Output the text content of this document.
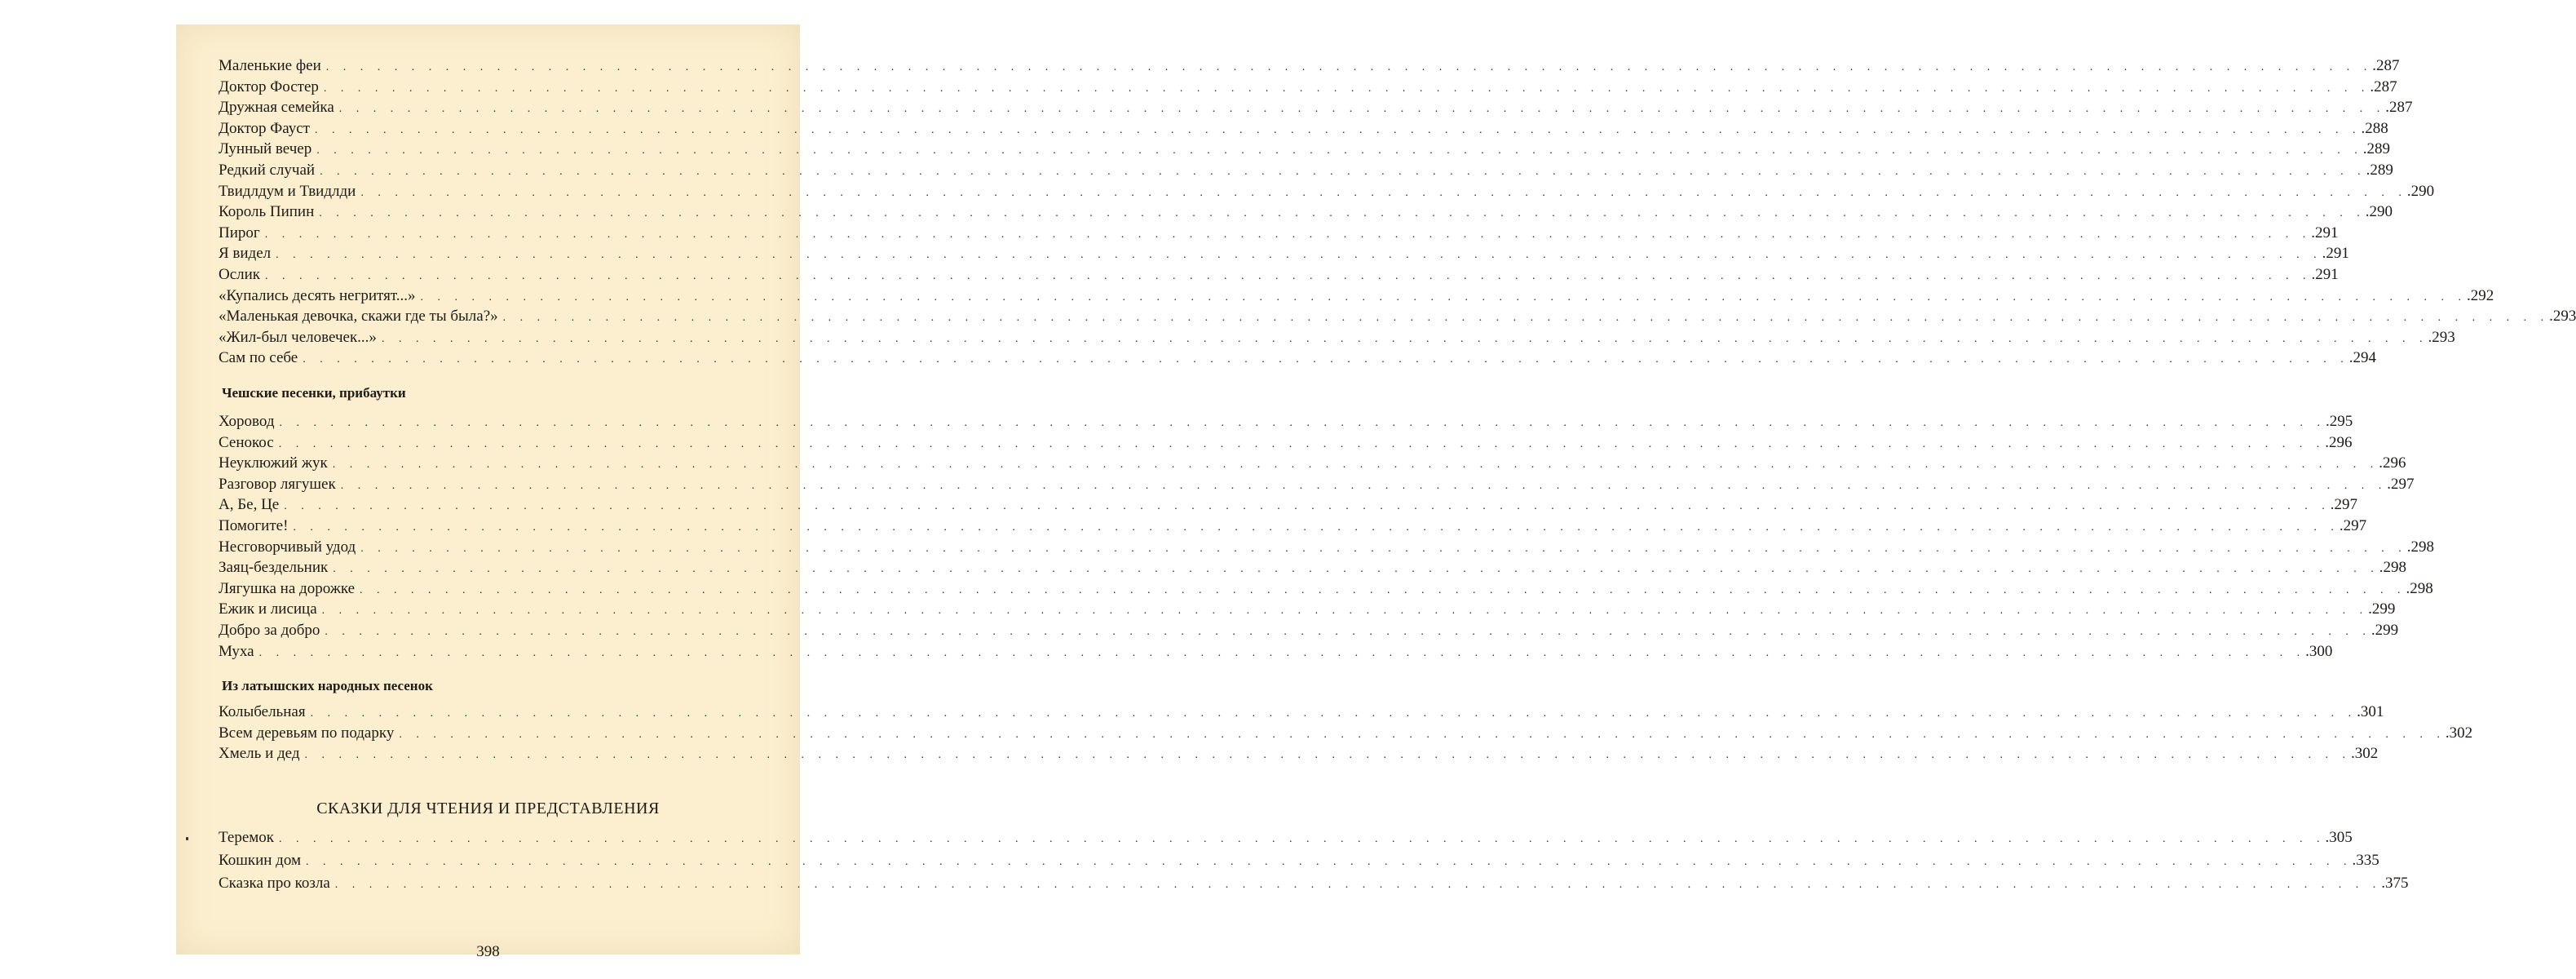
Маленькие феи . . . . . . . . . . . . . . . . . . . . . . . . . . . . . . . . . . . . . . . . . . . . . . . . . . . . . . . . . . . . . . . . . . . . . . . . . . . . . . . . . . . . . . . . . . . . . . . . . . . . . . . . . . . . . . . . . . . . . . . . .287
Доктор Фостер . . . . . . . . . . . . . . . . . . . . . . . . . . . . . . . . . . . . . . . . . . . . . . . . . . . . . . . . . . . . . . . . . . . . . . . . . . . . . . . . . . . . . . . . . . . . . . . . . . . . . . . . . . . . . . . . . . . . . . . . .287
Дружная семейка . . . . . . . . . . . . . . . . . . . . . . . . . . . . . . . . . . . . . . . . . . . . . . . . . . . . . . . . . . . . . . . . . . . . . . . . . . . . . . . . . . . . . . . . . . . . . . . . . . . . . . . . . . . . . . . . . . . . . . . . .287
Доктор Фауст . . . . . . . . . . . . . . . . . . . . . . . . . . . . . . . . . . . . . . . . . . . . . . . . . . . . . . . . . . . . . . . . . . . . . . . . . . . . . . . . . . . . . . . . . . . . . . . . . . . . . . . . . . . . . . . . . . . . . . . . .288
Лунный вечер . . . . . . . . . . . . . . . . . . . . . . . . . . . . . . . . . . . . . . . . . . . . . . . . . . . . . . . . . . . . . . . . . . . . . . . . . . . . . . . . . . . . . . . . . . . . . . . . . . . . . . . . . . . . . . . . . . . . . . . . .289
Редкий случай . . . . . . . . . . . . . . . . . . . . . . . . . . . . . . . . . . . . . . . . . . . . . . . . . . . . . . . . . . . . . . . . . . . . . . . . . . . . . . . . . . . . . . . . . . . . . . . . . . . . . . . . . . . . . . . . . . . . . . . . .289
Твидлдум и Твидлди . . . . . . . . . . . . . . . . . . . . . . . . . . . . . . . . . . . . . . . . . . . . . . . . . . . . . . . . . . . . . . . . . . . . . . . . . . . . . . . . . . . . . . . . . . . . . . . . . . . . . . . . . . . . . . . . . . . . . . . . .290
Король Пипин . . . . . . . . . . . . . . . . . . . . . . . . . . . . . . . . . . . . . . . . . . . . . . . . . . . . . . . . . . . . . . . . . . . . . . . . . . . . . . . . . . . . . . . . . . . . . . . . . . . . . . . . . . . . . . . . . . . . . . . . .290
Пирог . . . . . . . . . . . . . . . . . . . . . . . . . . . . . . . . . . . . . . . . . . . . . . . . . . . . . . . . . . . . . . . . . . . . . . . . . . . . . . . . . . . . . . . . . . . . . . . . . . . . . . . . . . . . . . . . . . . . . . . . .291
Я видел . . . . . . . . . . . . . . . . . . . . . . . . . . . . . . . . . . . . . . . . . . . . . . . . . . . . . . . . . . . . . . . . . . . . . . . . . . . . . . . . . . . . . . . . . . . . . . . . . . . . . . . . . . . . . . . . . . . . . . . . .291
Ослик . . . . . . . . . . . . . . . . . . . . . . . . . . . . . . . . . . . . . . . . . . . . . . . . . . . . . . . . . . . . . . . . . . . . . . . . . . . . . . . . . . . . . . . . . . . . . . . . . . . . . . . . . . . . . . . . . . . . . . . . .291
«Купались десять негритят...» . . . . . . . . . . . . . . . . . . . . . . . . . . . . . . . . . . . . . . . . . . . . . . . . . . . . . . . . . . . . . . . . . . . . . . . . . . . . . . . . . . . . . . . . . . . . . . . . . . . . . . . . . . . . . . . . . . . . . . . . .292
«Маленькая девочка, скажи где ты была?» . . . . . . . . . . . . . . . . . . . . . . . . . . . . . . . . . . . . . . . . . . . . . . . . . . . . . . . . . . . . . . . . . . . . . . . . . . . . . . . . . . . . . . . . . . . . . . . . . . . . . . . . . . . . . . . . . . . . . . . . .293
«Жил-был человечек...» . . . . . . . . . . . . . . . . . . . . . . . . . . . . . . . . . . . . . . . . . . . . . . . . . . . . . . . . . . . . . . . . . . . . . . . . . . . . . . . . . . . . . . . . . . . . . . . . . . . . . . . . . . . . . . . . . . . . . . . . .293
Сам по себе . . . . . . . . . . . . . . . . . . . . . . . . . . . . . . . . . . . . . . . . . . . . . . . . . . . . . . . . . . . . . . . . . . . . . . . . . . . . . . . . . . . . . . . . . . . . . . . . . . . . . . . . . . . . . . . . . . . . . . . . .294
Хоровод . . . . . . . . . . . . . . . . . . . . . . . . . . . . . . . . . . . . . . . . . . . . . . . . . . . . . . . . . . . . . . . . . . . . . . . . . . . . . . . . . . . . . . . . . . . . . . . . . . . . . . . . . . . . . . . . . . . . . . . . .295
Сенокос . . . . . . . . . . . . . . . . . . . . . . . . . . . . . . . . . . . . . . . . . . . . . . . . . . . . . . . . . . . . . . . . . . . . . . . . . . . . . . . . . . . . . . . . . . . . . . . . . . . . . . . . . . . . . . . . . . . . . . . . .296
Неуклюжий жук . . . . . . . . . . . . . . . . . . . . . . . . . . . . . . . . . . . . . . . . . . . . . . . . . . . . . . . . . . . . . . . . . . . . . . . . . . . . . . . . . . . . . . . . . . . . . . . . . . . . . . . . . . . . . . . . . . . . . . . . .296
Разговор лягушек . . . . . . . . . . . . . . . . . . . . . . . . . . . . . . . . . . . . . . . . . . . . . . . . . . . . . . . . . . . . . . . . . . . . . . . . . . . . . . . . . . . . . . . . . . . . . . . . . . . . . . . . . . . . . . . . . . . . . . . . .297
А, Бе, Це . . . . . . . . . . . . . . . . . . . . . . . . . . . . . . . . . . . . . . . . . . . . . . . . . . . . . . . . . . . . . . . . . . . . . . . . . . . . . . . . . . . . . . . . . . . . . . . . . . . . . . . . . . . . . . . . . . . . . . . . .297
Помогите! . . . . . . . . . . . . . . . . . . . . . . . . . . . . . . . . . . . . . . . . . . . . . . . . . . . . . . . . . . . . . . . . . . . . . . . . . . . . . . . . . . . . . . . . . . . . . . . . . . . . . . . . . . . . . . . . . . . . . . . . .297
Несговорчивый удод . . . . . . . . . . . . . . . . . . . . . . . . . . . . . . . . . . . . . . . . . . . . . . . . . . . . . . . . . . . . . . . . . . . . . . . . . . . . . . . . . . . . . . . . . . . . . . . . . . . . . . . . . . . . . . . . . . . . . . . . .298
Заяц-бездельник . . . . . . . . . . . . . . . . . . . . . . . . . . . . . . . . . . . . . . . . . . . . . . . . . . . . . . . . . . . . . . . . . . . . . . . . . . . . . . . . . . . . . . . . . . . . . . . . . . . . . . . . . . . . . . . . . . . . . . . . .298
Лягушка на дорожке . . . . . . . . . . . . . . . . . . . . . . . . . . . . . . . . . . . . . . . . . . . . . . . . . . . . . . . . . . . . . . . . . . . . . . . . . . . . . . . . . . . . . . . . . . . . . . . . . . . . . . . . . . . . . . . . . . . . . . . . .298
Ежик и лисица . . . . . . . . . . . . . . . . . . . . . . . . . . . . . . . . . . . . . . . . . . . . . . . . . . . . . . . . . . . . . . . . . . . . . . . . . . . . . . . . . . . . . . . . . . . . . . . . . . . . . . . . . . . . . . . . . . . . . . . . .299
Добро за добро . . . . . . . . . . . . . . . . . . . . . . . . . . . . . . . . . . . . . . . . . . . . . . . . . . . . . . . . . . . . . . . . . . . . . . . . . . . . . . . . . . . . . . . . . . . . . . . . . . . . . . . . . . . . . . . . . . . . . . . . .299
Муха . . . . . . . . . . . . . . . . . . . . . . . . . . . . . . . . . . . . . . . . . . . . . . . . . . . . . . . . . . . . . . . . . . . . . . . . . . . . . . . . . . . . . . . . . . . . . . . . . . . . . . . . . . . . . . . . . . . . . . . . .300
Колыбельная . . . . . . . . . . . . . . . . . . . . . . . . . . . . . . . . . . . . . . . . . . . . . . . . . . . . . . . . . . . . . . . . . . . . . . . . . . . . . . . . . . . . . . . . . . . . . . . . . . . . . . . . . . . . . . . . . . . . . . . . .301
Всем деревьям по подарку . . . . . . . . . . . . . . . . . . . . . . . . . . . . . . . . . . . . . . . . . . . . . . . . . . . . . . . . . . . . . . . . . . . . . . . . . . . . . . . . . . . . . . . . . . . . . . . . . . . . . . . . . . . . . . . . . . . . . . . . .302
Хмель и дед . . . . . . . . . . . . . . . . . . . . . . . . . . . . . . . . . . . . . . . . . . . . . . . . . . . . . . . . . . . . . . . . . . . . . . . . . . . . . . . . . . . . . . . . . . . . . . . . . . . . . . . . . . . . . . . . . . . . . . . . .302
Теремок . . . . . . . . . . . . . . . . . . . . . . . . . . . . . . . . . . . . . . . . . . . . . . . . . . . . . . . . . . . . . . . . . . . . . . . . . . . . . . . . . . . . . . . . . . . . . . . . . . . . . . . . . . . . . . . . . . . . . . . . .305
Кошкин дом . . . . . . . . . . . . . . . . . . . . . . . . . . . . . . . . . . . . . . . . . . . . . . . . . . . . . . . . . . . . . . . . . . . . . . . . . . . . . . . . . . . . . . . . . . . . . . . . . . . . . . . . . . . . . . . . . . . . . . . . .335
Сказка про козла . . . . . . . . . . . . . . . . . . . . . . . . . . . . . . . . . . . . . . . . . . . . . . . . . . . . . . . . . . . . . . . . . . . . . . . . . . . . . . . . . . . . . . . . . . . . . . . . . . . . . . . . . . . . . . . . . . . . . . . . .375
398
Чешские песенки, прибаутки
Из латышских народных песенок
СКАЗКИ ДЛЯ ЧТЕНИЯ И ПРЕДСТАВЛЕНИЯ
